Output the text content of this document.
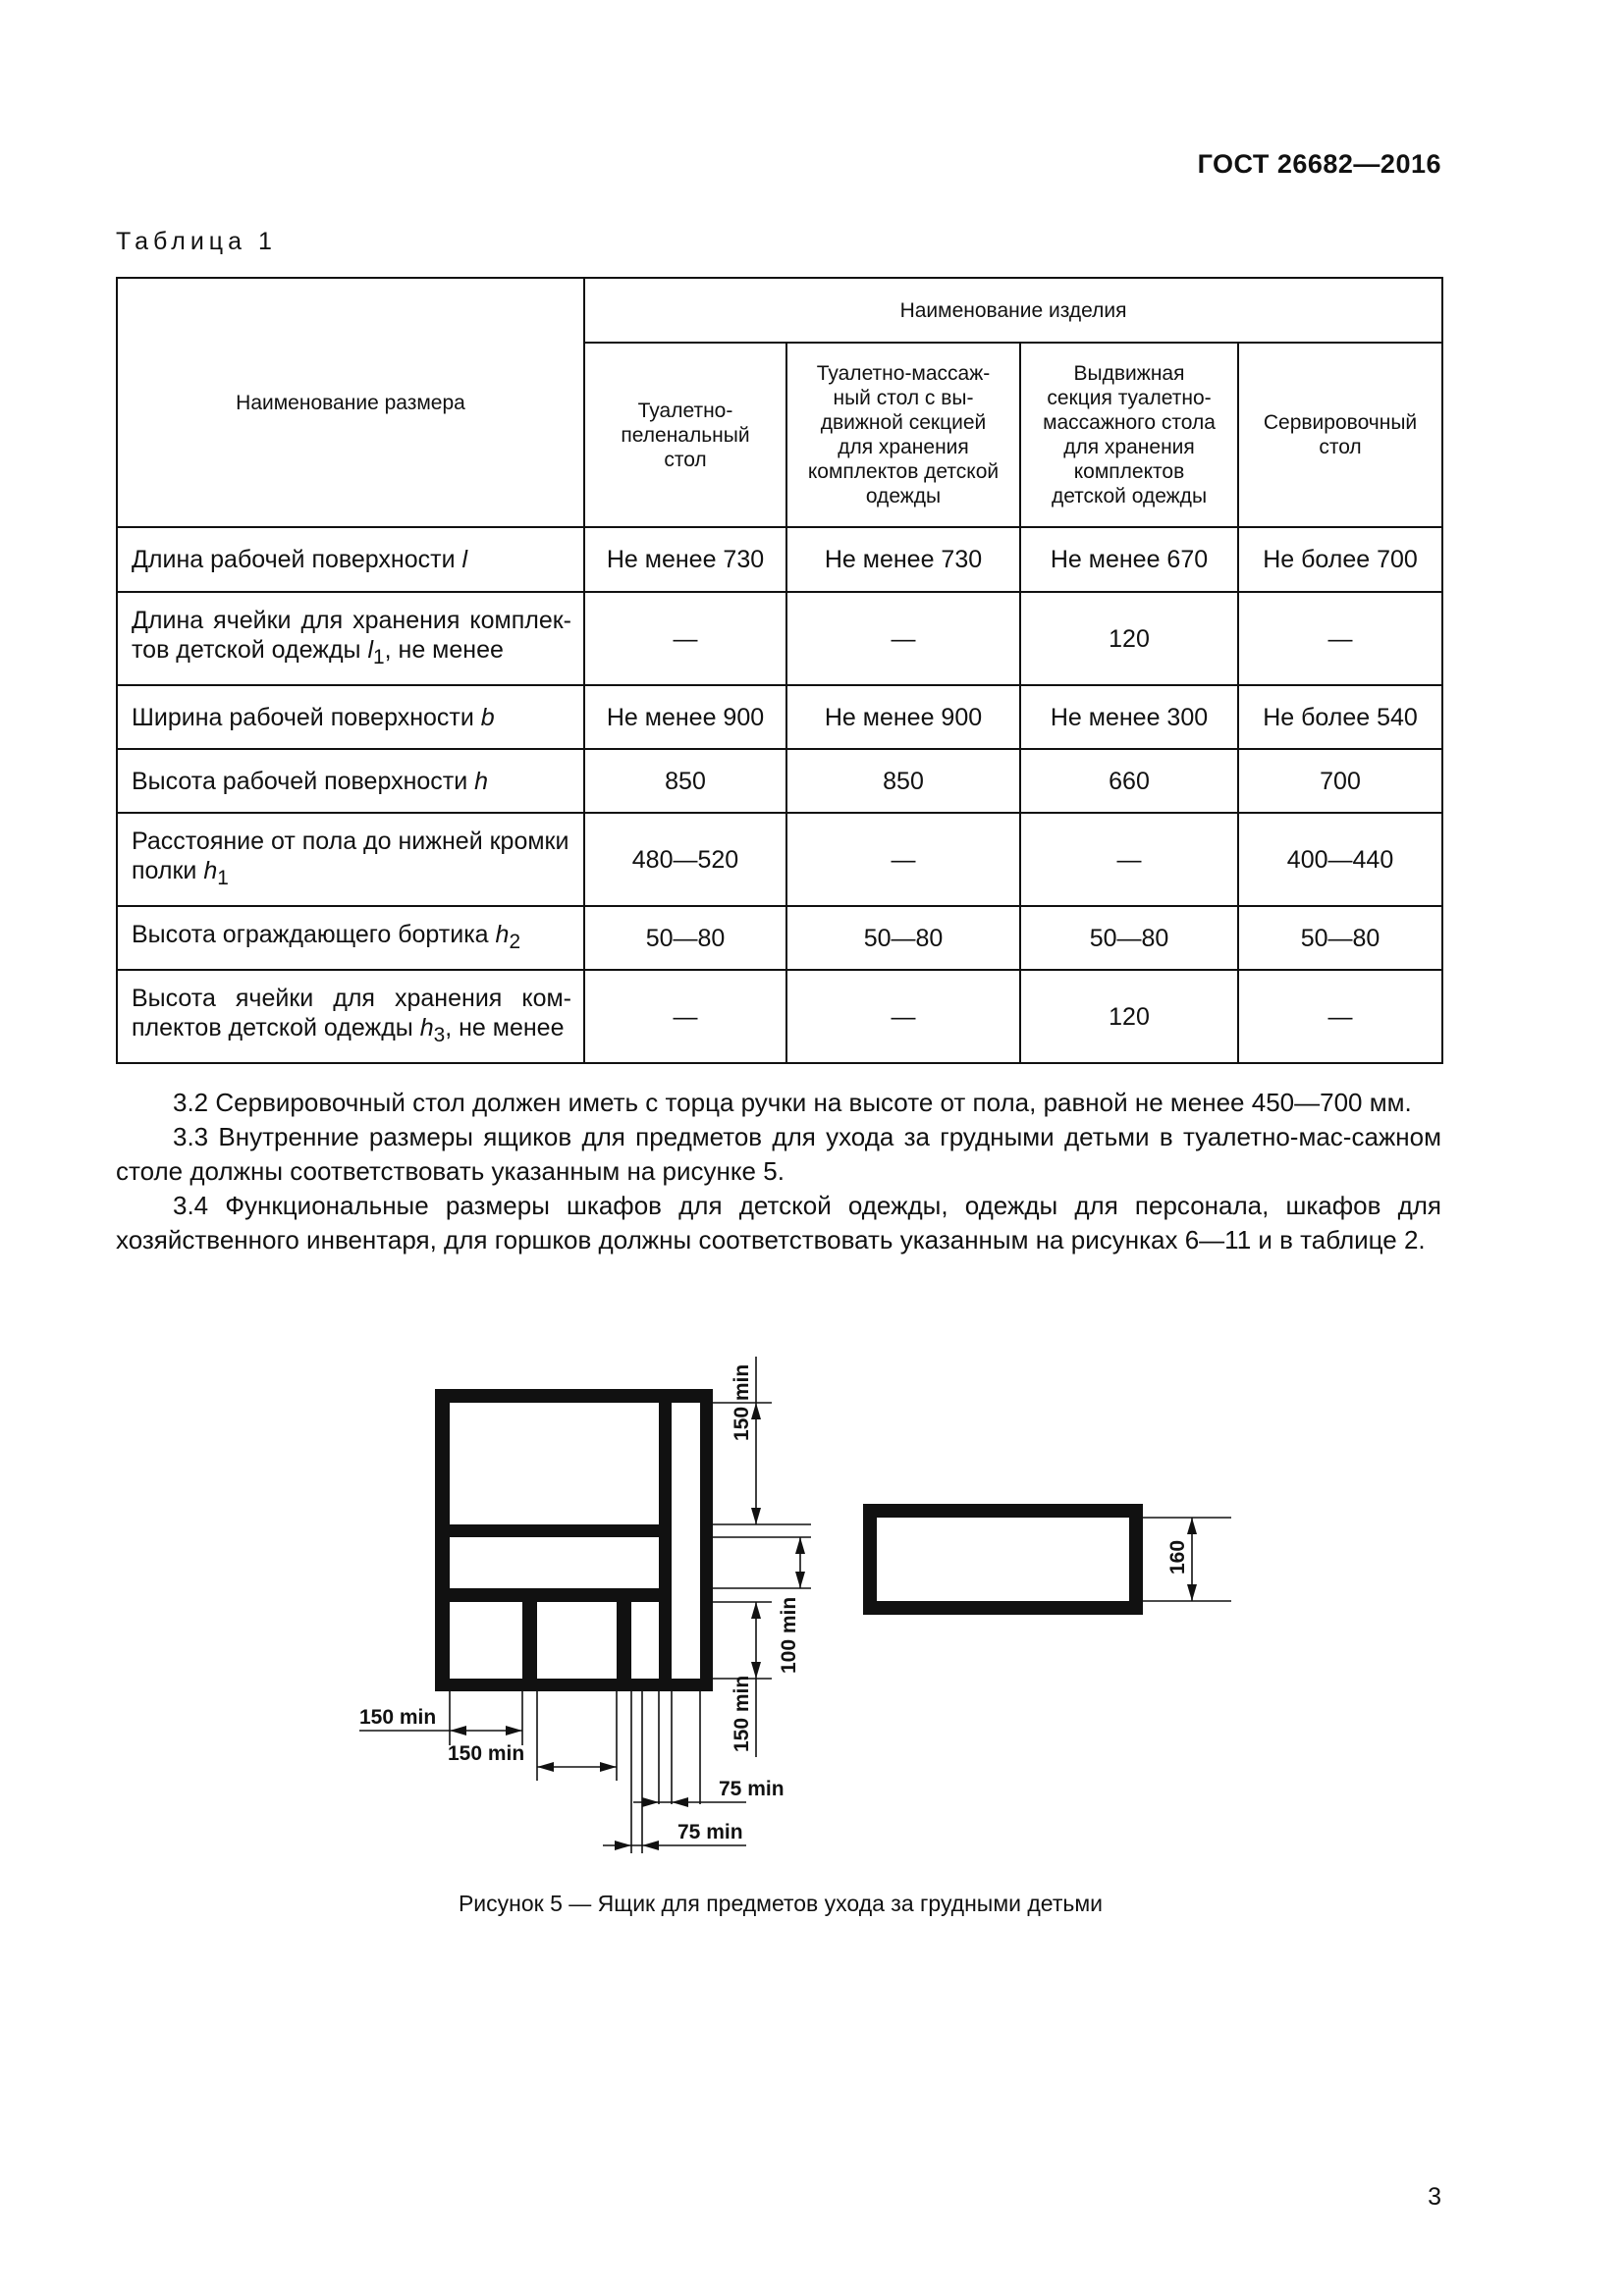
ГОСТ 26682—2016
Таблица 1
Наименование размера	Наименование изделия			
	Туалетно-пеленальный стол	Туалетно-массаж-ный стол с вы-движной секцией для хранения комплектов детской одежды	Выдвижная секция туалетно-массажного стола для хранения комплектов детской одежды	Сервировочный стол
Длина рабочей поверхности l	Не менее 730	Не менее 730	Не менее 670	Не более 700
Длина ячейки для хранения комплек-тов детской одежды $l_1$, не менее	—	—	120	—
Ширина рабочей поверхности b	Не менее 900	Не менее 900	Не менее 300	Не более 540
Высота рабочей поверхности h	850	850	660	700
Расстояние от пола до нижней кромки полки $h_1$	480—520	—	—	400—440
Высота ограждающего бортика $h_2$	50—80	50—80	50—80	50—80
Высота ячейки для хранения ком-плектов детской одежды $h_3$, не менее	—	—	120	—

3.2 Сервировочный стол должен иметь с торца ручки на высоте от пола, равной не менее 450—700 мм.

3.3 Внутренние размеры ящиков для предметов для ухода за грудными детьми в туалетно-мас-сажном столе должны соответствовать указанным на рисунке 5.

3.4 Функциональные размеры шкафов для детской одежды, одежды для персонала, шкафов для хозяйственного инвентаря, для горшков должны соответствовать указанным на рисунках 6—11 и в таблице 2.

150 min
100 min
150 min
150 min
150 min
75 min
75 min
160
Рисунок 5 — Ящик для предметов ухода за грудными детьми
3
